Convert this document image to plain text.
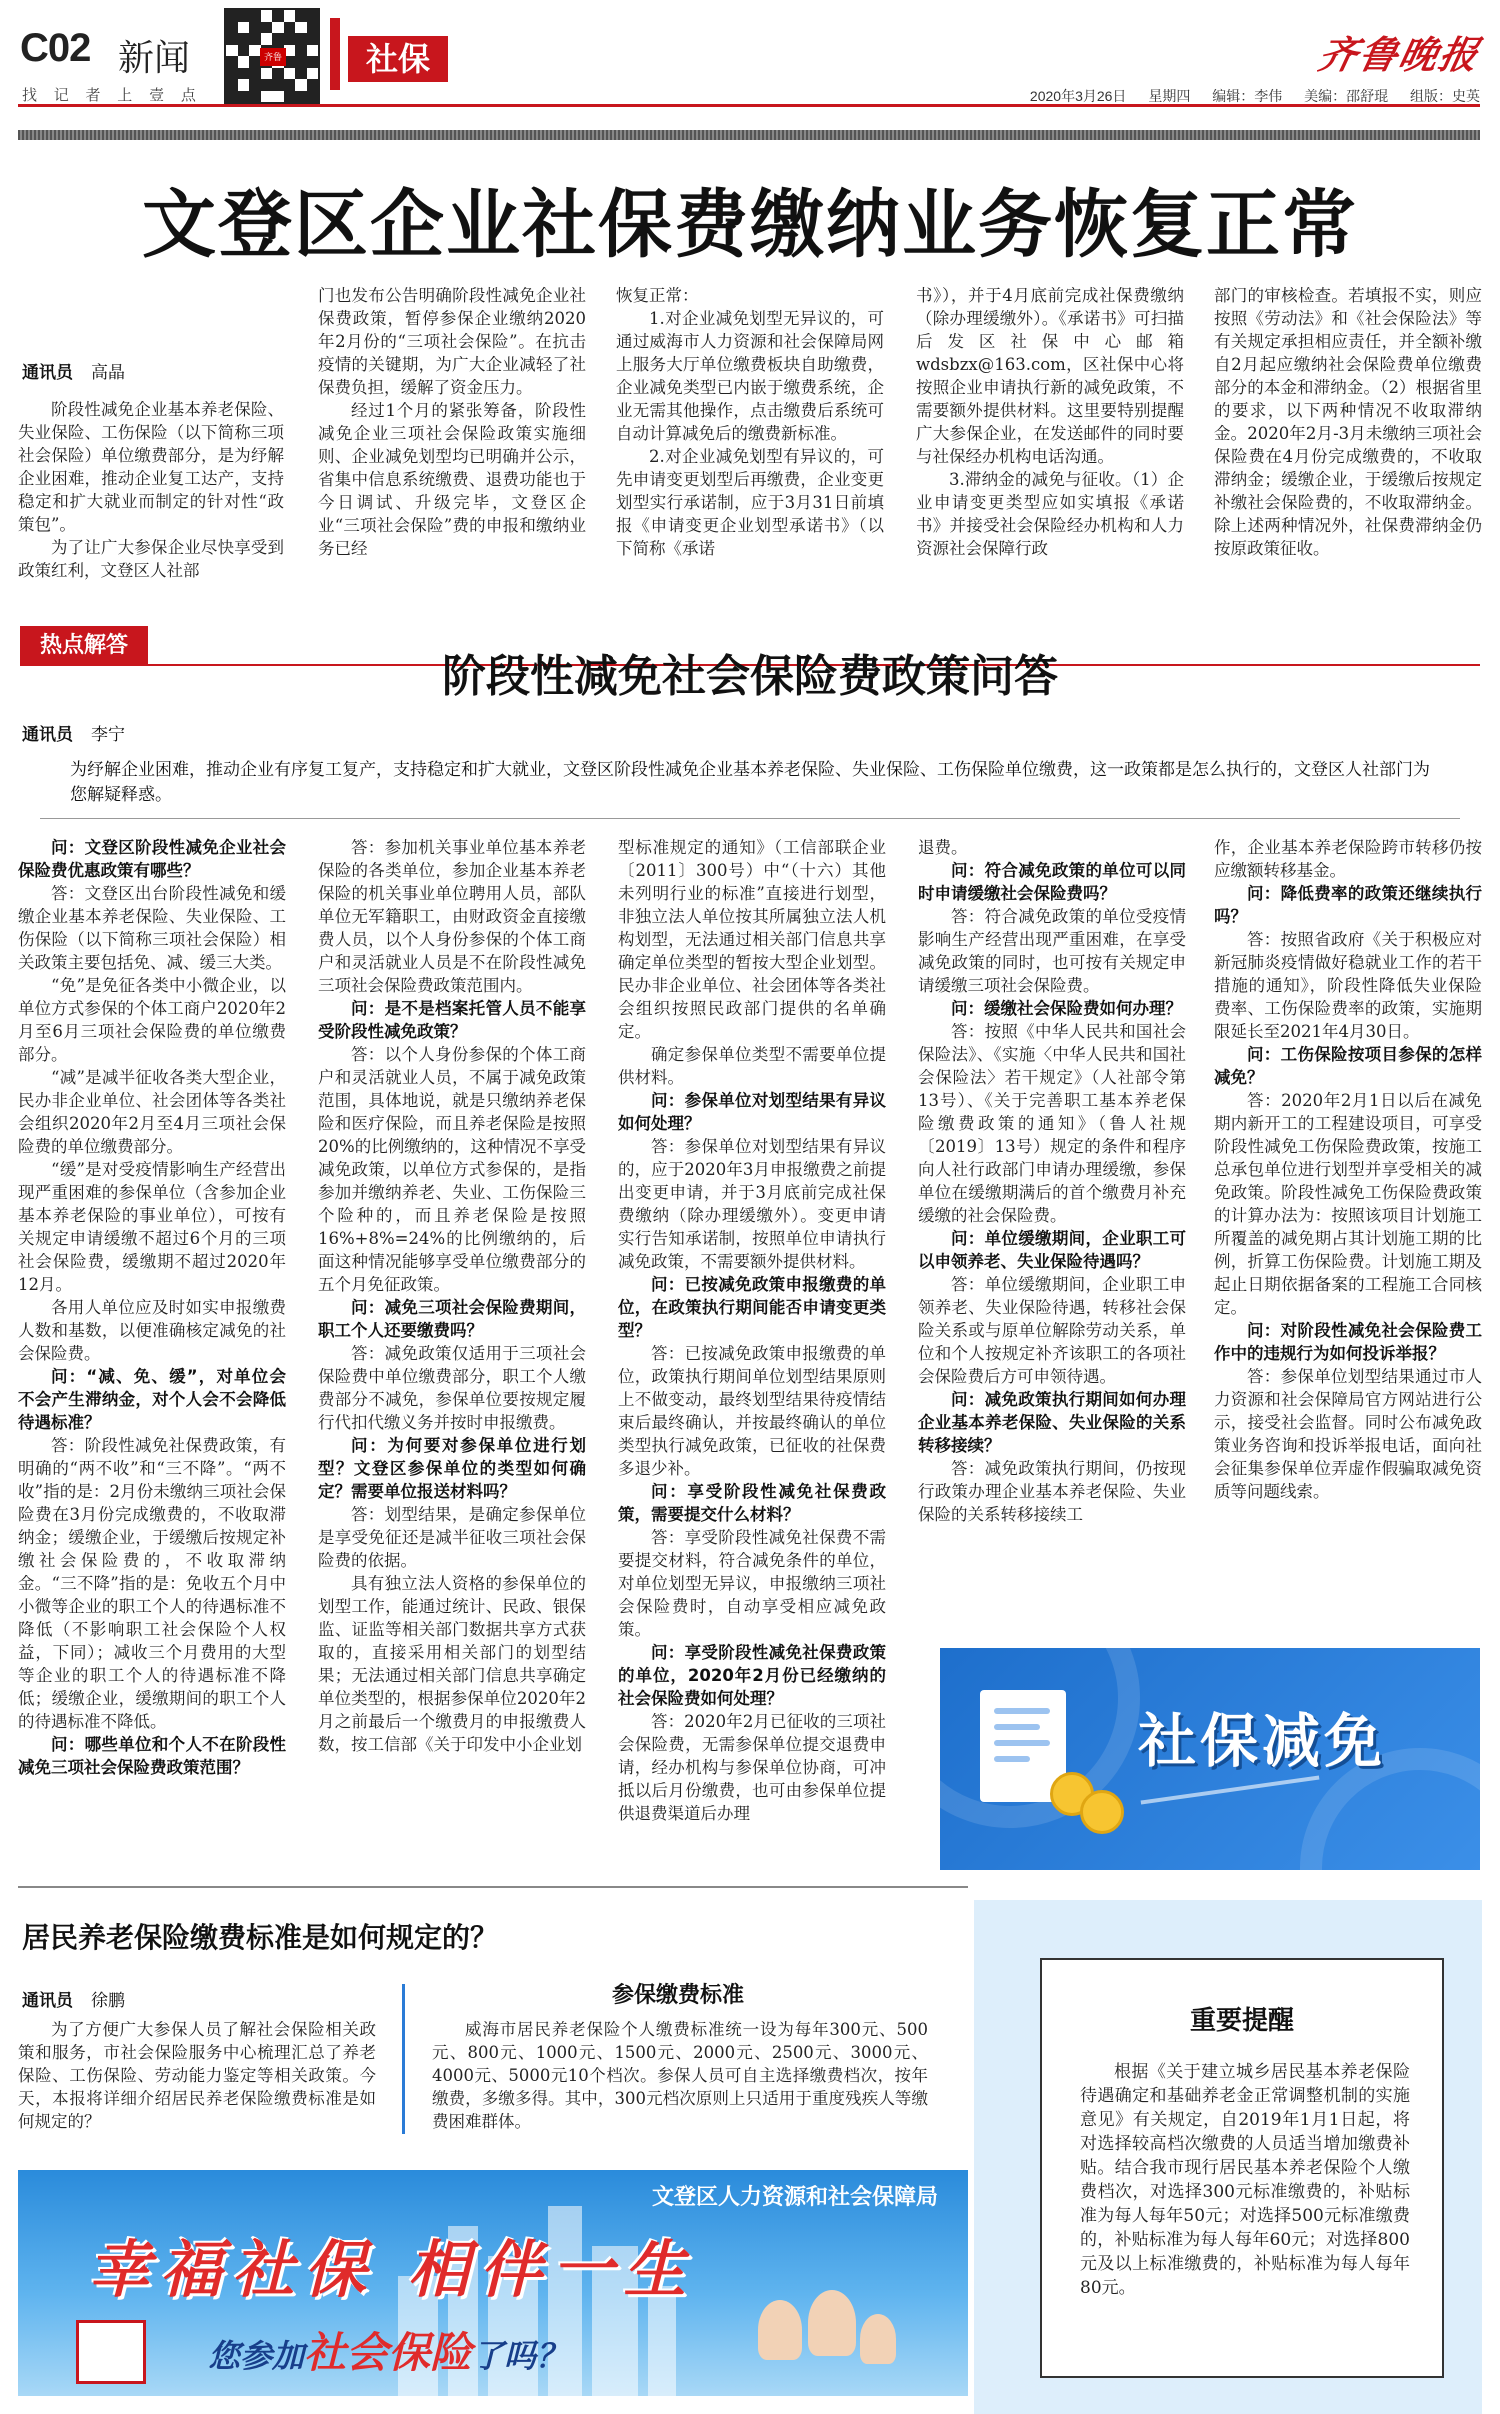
C02 新闻
找 记 者 上 壹 点
齐鲁	社保	齐鲁晚报
2020年3月26日 星期四 编辑：李伟 美编：邵舒琨 组版：史英
文登区企业社保费缴纳业务恢复正常
通讯员 高晶

阶段性减免企业基本养老保险、失业保险、工伤保险（以下简称三项社会保险）单位缴费部分，是为纾解企业困难，推动企业复工达产，支持稳定和扩大就业而制定的针对性“政策包”。

为了让广大参保企业尽快享受到政策红利，文登区人社部

门也发布公告明确阶段性减免企业社保费政策，暂停参保企业缴纳2020年2月份的“三项社会保险”。在抗击疫情的关键期，为广大企业减轻了社保费负担，缓解了资金压力。

经过1个月的紧张筹备，阶段性减免企业三项社会保险政策实施细则、企业减免划型均已明确并公示，省集中信息系统缴费、退费功能也于今日调试、升级完毕，文登区企业“三项社会保险”费的申报和缴纳业务已经

恢复正常：

1.对企业减免划型无异议的，可通过威海市人力资源和社会保障局网上服务大厅单位缴费板块自助缴费，企业减免类型已内嵌于缴费系统，企业无需其他操作，点击缴费后系统可自动计算减免后的缴费新标准。

2.对企业减免划型有异议的，可先申请变更划型后再缴费，企业变更划型实行承诺制，应于3月31日前填报《申请变更企业划型承诺书》（以下简称《承诺

书》），并于4月底前完成社保费缴纳（除办理缓缴外）。《承诺书》可扫描后发区社保中心邮箱wdsbzx@163.com，区社保中心将按照企业申请执行新的减免政策，不需要额外提供材料。这里要特别提醒广大参保企业，在发送邮件的同时要与社保经办机构电话沟通。

3.滞纳金的减免与征收。（1）企业申请变更类型应如实填报《承诺书》并接受社会保险经办机构和人力资源社会保障行政

部门的审核检查。若填报不实，则应按照《劳动法》和《社会保险法》等有关规定承担相应责任，并全额补缴自2月起应缴纳社会保险费单位缴费部分的本金和滞纳金。（2）根据省里的要求，以下两种情况不收取滞纳金。2020年2月-3月未缴纳三项社会保险费在4月份完成缴费的，不收取滞纳金；缓缴企业，于缓缴后按规定补缴社会保险费的，不收取滞纳金。除上述两种情况外，社保费滞纳金仍按原政策征收。

热点解答
阶段性减免社会保险费政策问答
通讯员 李宁
为纾解企业困难，推动企业有序复工复产，支持稳定和扩大就业，文登区阶段性减免企业基本养老保险、失业保险、工伤保险单位缴费，这一政策都是怎么执行的，文登区人社部门为您解疑释惑。

问：文登区阶段性减免企业社会保险费优惠政策有哪些？

答：文登区出台阶段性减免和缓缴企业基本养老保险、失业保险、工伤保险（以下简称三项社会保险）相关政策主要包括免、减、缓三大类。

“免”是免征各类中小微企业，以单位方式参保的个体工商户2020年2月至6月三项社会保险费的单位缴费部分。

“减”是减半征收各类大型企业，民办非企业单位、社会团体等各类社会组织2020年2月至4月三项社会保险费的单位缴费部分。

“缓”是对受疫情影响生产经营出现严重困难的参保单位（含参加企业基本养老保险的事业单位），可按有关规定申请缓缴不超过6个月的三项社会保险费，缓缴期不超过2020年12月。

各用人单位应及时如实申报缴费人数和基数，以便准确核定减免的社会保险费。

问：“减、免、缓”，对单位会不会产生滞纳金，对个人会不会降低待遇标准？

答：阶段性减免社保费政策，有明确的“两不收”和“三不降”。“两不收”指的是：2月份未缴纳三项社会保险费在3月份完成缴费的，不收取滞纳金；缓缴企业，于缓缴后按规定补缴社会保险费的，不收取滞纳金。“三不降”指的是：免收五个月中小微等企业的职工个人的待遇标准不降低（不影响职工社会保险个人权益，下同）；减收三个月费用的大型等企业的职工个人的待遇标准不降低；缓缴企业，缓缴期间的职工个人的待遇标准不降低。

问：哪些单位和个人不在阶段性减免三项社会保险费政策范围？

答：参加机关事业单位基本养老保险的各类单位，参加企业基本养老保险的机关事业单位聘用人员，部队单位无军籍职工，由财政资金直接缴费人员，以个人身份参保的个体工商户和灵活就业人员是不在阶段性减免三项社会保险费政策范围内。

问：是不是档案托管人员不能享受阶段性减免政策？

答：以个人身份参保的个体工商户和灵活就业人员，不属于减免政策范围，具体地说，就是只缴纳养老保险和医疗保险，而且养老保险是按照20%的比例缴纳的，这种情况不享受减免政策，以单位方式参保的，是指参加并缴纳养老、失业、工伤保险三个险种的，而且养老保险是按照16%+8%=24%的比例缴纳的，后面这种情况能够享受单位缴费部分的五个月免征政策。

问：减免三项社会保险费期间，职工个人还要缴费吗？

答：减免政策仅适用于三项社会保险费中单位缴费部分，职工个人缴费部分不减免，参保单位要按规定履行代扣代缴义务并按时申报缴费。

问：为何要对参保单位进行划型？文登区参保单位的类型如何确定？需要单位报送材料吗？

答：划型结果，是确定参保单位是享受免征还是减半征收三项社会保险费的依据。

具有独立法人资格的参保单位的划型工作，能通过统计、民政、银保监、证监等相关部门数据共享方式获取的，直接采用相关部门的划型结果；无法通过相关部门信息共享确定单位类型的，根据参保单位2020年2月之前最后一个缴费月的申报缴费人数，按工信部《关于印发中小企业划

型标准规定的通知》（工信部联企业〔2011〕300号）中“（十六）其他未列明行业的标准”直接进行划型，非独立法人单位按其所属独立法人机构划型，无法通过相关部门信息共享确定单位类型的暂按大型企业划型。民办非企业单位、社会团体等各类社会组织按照民政部门提供的名单确定。

确定参保单位类型不需要单位提供材料。

问：参保单位对划型结果有异议如何处理？

答：参保单位对划型结果有异议的，应于2020年3月申报缴费之前提出变更申请，并于3月底前完成社保费缴纳（除办理缓缴外）。变更申请实行告知承诺制，按照单位申请执行减免政策，不需要额外提供材料。

问：已按减免政策申报缴费的单位，在政策执行期间能否申请变更类型？

答：已按减免政策申报缴费的单位，政策执行期间单位划型结果原则上不做变动，最终划型结果待疫情结束后最终确认，并按最终确认的单位类型执行减免政策，已征收的社保费多退少补。

问：享受阶段性减免社保费政策，需要提交什么材料？

答：享受阶段性减免社保费不需要提交材料，符合减免条件的单位，对单位划型无异议，申报缴纳三项社会保险费时，自动享受相应减免政策。

问：享受阶段性减免社保费政策的单位，2020年2月份已经缴纳的社会保险费如何处理？

答：2020年2月已征收的三项社会保险费，无需参保单位提交退费申请，经办机构与参保单位协商，可冲抵以后月份缴费，也可由参保单位提供退费渠道后办理

退费。

问：符合减免政策的单位可以同时申请缓缴社会保险费吗？

答：符合减免政策的单位受疫情影响生产经营出现严重困难，在享受减免政策的同时，也可按有关规定申请缓缴三项社会保险费。

问：缓缴社会保险费如何办理？

答：按照《中华人民共和国社会保险法》、《实施〈中华人民共和国社会保险法〉若干规定》（人社部令第13号）、《关于完善职工基本养老保险缴费政策的通知》（鲁人社规〔2019〕13号）规定的条件和程序向人社行政部门申请办理缓缴，参保单位在缓缴期满后的首个缴费月补充缓缴的社会保险费。

问：单位缓缴期间，企业职工可以申领养老、失业保险待遇吗？

答：单位缓缴期间，企业职工申领养老、失业保险待遇，转移社会保险关系或与原单位解除劳动关系，单位和个人按规定补齐该职工的各项社会保险费后方可申领待遇。

问：减免政策执行期间如何办理企业基本养老保险、失业保险的关系转移接续？

答：减免政策执行期间，仍按现行政策办理企业基本养老保险、失业保险的关系转移接续工

作，企业基本养老保险跨市转移仍按应缴额转移基金。

问：降低费率的政策还继续执行吗？

答：按照省政府《关于积极应对新冠肺炎疫情做好稳就业工作的若干措施的通知》，阶段性降低失业保险费率、工伤保险费率的政策，实施期限延长至2021年4月30日。

问：工伤保险按项目参保的怎样减免？

答：2020年2月1日以后在减免期内新开工的工程建设项目，可享受阶段性减免工伤保险费政策，按施工总承包单位进行划型并享受相关的减免政策。阶段性减免工伤保险费政策的计算办法为：按照该项目计划施工所覆盖的减免期占其计划施工期的比例，折算工伤保险费。计划施工期及起止日期依据备案的工程施工合同核定。

问：对阶段性减免社会保险费工作中的违规行为如何投诉举报？

答：参保单位划型结果通过市人力资源和社会保障局官方网站进行公示，接受社会监督。同时公布减免政策业务咨询和投诉举报电话，面向社会征集参保单位弄虚作假骗取减免资质等问题线索。

社保减免
居民养老保险缴费标准是如何规定的？
通讯员 徐鹏

为了方便广大参保人员了解社会保险相关政策和服务，市社会保险服务中心梳理汇总了养老保险、工伤保险、劳动能力鉴定等相关政策。今天，本报将详细介绍居民养老保险缴费标准是如何规定的？

参保缴费标准

威海市居民养老保险个人缴费标准统一设为每年300元、500元、800元、1000元、1500元、2000元、2500元、3000元、4000元、5000元10个档次。参保人员可自主选择缴费档次，按年缴费，多缴多得。其中，300元档次原则上只适用于重度残疾人等缴费困难群体。

重要提醒
根据《关于建立城乡居民基本养老保险待遇确定和基础养老金正常调整机制的实施意见》有关规定，自2019年1月1日起，将对选择较高档次缴费的人员适当增加缴费补贴。结合我市现行居民基本养老保险个人缴费档次，对选择300元标准缴费的，补贴标准为每人每年50元；对选择500元标准缴费的，补贴标准为每人每年60元；对选择800元及以上标准缴费的，补贴标准为每人每年80元。
文登区人力资源和社会保障局
幸福社保 相伴一生
您参加社会保险了吗？
